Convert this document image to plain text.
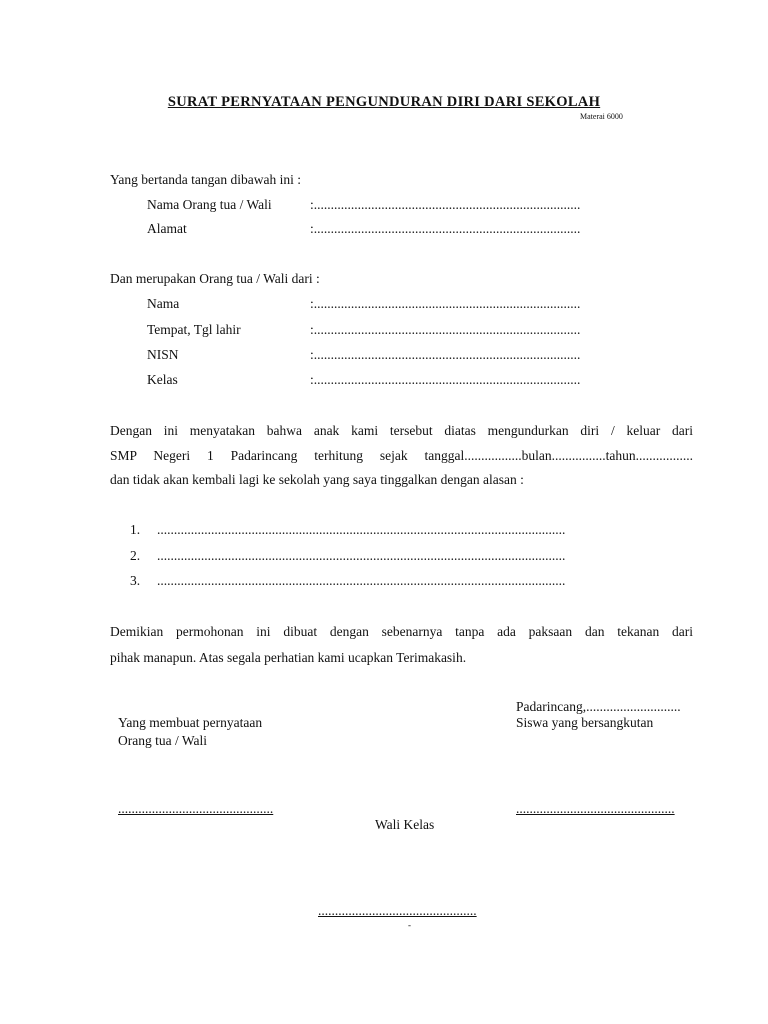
SURAT PERNYATAAN PENGUNDURAN DIRI DARI SEKOLAH
Materai 6000
Yang bertanda tangan dibawah ini :
Nama Orang tua / Wali	:...............................................................................
Alamat	:...............................................................................
Dan merupakan Orang tua / Wali dari :
Nama	:...............................................................................
Tempat, Tgl lahir	:...............................................................................
NISN	:...............................................................................
Kelas	:...............................................................................
Dengan ini menyatakan bahwa anak kami tersebut diatas mengundurkan diri / keluar dari
SMP Negeri 1 Padarincang terhitung sejak tanggal.................bulan................tahun.................
dan tidak akan kembali lagi ke sekolah yang saya tinggalkan dengan alasan :
1. .........................................................................................................................
2. .........................................................................................................................
3. .........................................................................................................................
Demikian permohonan ini dibuat dengan sebenarnya tanpa ada paksaan dan tekanan dari
pihak manapun. Atas segala perhatian kami ucapkan Terimakasih.
Padarincang,............................
Yang membuat pernyataan	Siswa yang bersangkutan
Orang tua / Wali
..............................................	...............................................
Wali Kelas
...............................................
-
